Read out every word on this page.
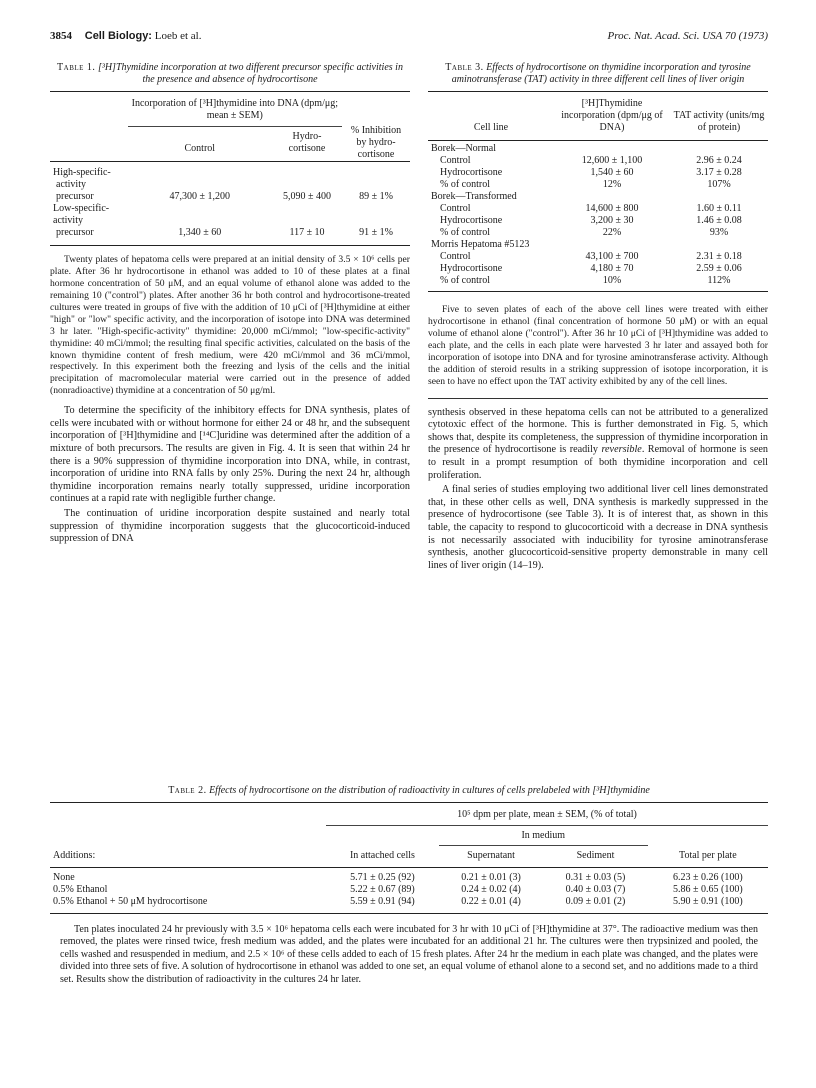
3854 Cell Biology: Loeb et al.	Proc. Nat. Acad. Sci. USA 70 (1973)
Table 1. [³H]Thymidine incorporation at two different precursor specific activities in the presence and absence of hydrocortisone
	Incorporation of [³H]thymidine into DNA (dpm/μg; mean ± SEM)		% Inhibition by hydro- cortisone
	Control	Hydro- cortisone	

High-specific-			
activity precursor	47,300 ± 1,200	5,090 ± 400	89 ± 1%
Low-specific-activity			
precursor	1,340 ± 60	117 ± 10	91 ± 1%

Twenty plates of hepatoma cells were prepared at an initial density of 3.5 × 10⁶ cells per plate. After 36 hr hydrocortisone in ethanol was added to 10 of these plates at a final hormone concentration of 50 μM, and an equal volume of ethanol alone was added to the remaining 10 ("control") plates. After another 36 hr both control and hydrocortisone-treated cultures were treated in groups of five with the addition of 10 μCi of [³H]thymidine at either "high" or "low" specific activity, and the incorporation of isotope into DNA was determined 3 hr later. "High-specific-activity" thymidine: 20,000 mCi/mmol; "low-specific-activity" thymidine: 40 mCi/mmol; the resulting final specific activities, calculated on the basis of the known thymidine content of fresh medium, were 420 mCi/mmol and 36 mCi/mmol, respectively. In this experiment both the freezing and lysis of the cells and the initial precipitation of macromolecular material were carried out in the presence of added (nonradioactive) thymidine at a concentration of 50 μg/ml.

To determine the specificity of the inhibitory effects for DNA synthesis, plates of cells were incubated with or without hormone for either 24 or 48 hr, and the subsequent incorporation of [³H]thymidine and [¹⁴C]uridine was determined after the addition of a mixture of both precursors. The results are given in Fig. 4. It is seen that within 24 hr there is a 90% suppression of thymidine incorporation into DNA, while, in contrast, incorporation of uridine into RNA falls by only 25%. During the next 24 hr, although thymidine incorporation remains nearly totally suppressed, uridine incorporation continues at a rapid rate with negligible further change.

The continuation of uridine incorporation despite sustained and nearly total suppression of thymidine incorporation suggests that the glucocorticoid-induced suppression of DNA

Table 3. Effects of hydrocortisone on thymidine incorporation and tyrosine aminotransferase (TAT) activity in three different cell lines of liver origin
Cell line	[³H]Thymidine incorporation (dpm/μg of DNA)	TAT activity (units/mg of protein)

Borek—Normal		
Control	12,600 ± 1,100	2.96 ± 0.24
Hydrocortisone	1,540 ± 60	3.17 ± 0.28
% of control	12%	107%
Borek—Transformed		
Control	14,600 ± 800	1.60 ± 0.11
Hydrocortisone	3,200 ± 30	1.46 ± 0.08
% of control	22%	93%
Morris Hepatoma #5123		
Control	43,100 ± 700	2.31 ± 0.18
Hydrocortisone	4,180 ± 70	2.59 ± 0.06
% of control	10%	112%

Five to seven plates of each of the above cell lines were treated with either hydrocortisone in ethanol (final concentration of hormone 50 μM) or with an equal volume of ethanol alone ("control"). After 36 hr 10 μCi of [³H]thymidine was added to each plate, and the cells in each plate were harvested 3 hr later and assayed both for incorporation of isotope into DNA and for tyrosine aminotransferase activity. Although the addition of steroid results in a striking suppression of isotope incorporation, it is seen to have no effect upon the TAT activity exhibited by any of the cell lines.

synthesis observed in these hepatoma cells can not be attributed to a generalized cytotoxic effect of the hormone. This is further demonstrated in Fig. 5, which shows that, despite its completeness, the suppression of thymidine incorporation in the presence of hydrocortisone is readily reversible. Removal of hormone is seen to result in a prompt resumption of both thymidine incorporation and cell proliferation.

A final series of studies employing two additional liver cell lines demonstrated that, in these other cells as well, DNA synthesis is markedly suppressed in the presence of hydrocortisone (see Table 3). It is of interest that, as shown in this table, the capacity to respond to glucocorticoid with a decrease in DNA synthesis is not necessarily associated with inducibility for tyrosine aminotransferase synthesis, another glucocorticoid-sensitive property demonstrable in many cell lines of liver origin (14–19).

Table 2. Effects of hydrocortisone on the distribution of radioactivity in cultures of cells prelabeled with [³H]thymidine
	10⁵ dpm per plate, mean ± SEM, (% of total)			
		In medium		
Additions:	In attached cells	Supernatant	Sediment	Total per plate

None	5.71 ± 0.25 (92)	0.21 ± 0.01 (3)	0.31 ± 0.03 (5)	6.23 ± 0.26 (100)
0.5% Ethanol	5.22 ± 0.67 (89)	0.24 ± 0.02 (4)	0.40 ± 0.03 (7)	5.86 ± 0.65 (100)
0.5% Ethanol + 50 μM hydrocortisone	5.59 ± 0.91 (94)	0.22 ± 0.01 (4)	0.09 ± 0.01 (2)	5.90 ± 0.91 (100)

Ten plates inoculated 24 hr previously with 3.5 × 10⁶ hepatoma cells each were incubated for 3 hr with 10 μCi of [³H]thymidine at 37°. The radioactive medium was then removed, the plates were rinsed twice, fresh medium was added, and the plates were incubated for an additional 21 hr. The cultures were then trypsinized and pooled, the cells washed and resuspended in medium, and 2.5 × 10⁶ of these cells added to each of 15 fresh plates. After 24 hr the medium in each plate was changed, and the plates were divided into three sets of five. A solution of hydrocortisone in ethanol was added to one set, an equal volume of ethanol alone to a second set, and no additions made to a third set. Results show the distribution of radioactivity in the cultures 24 hr later.
